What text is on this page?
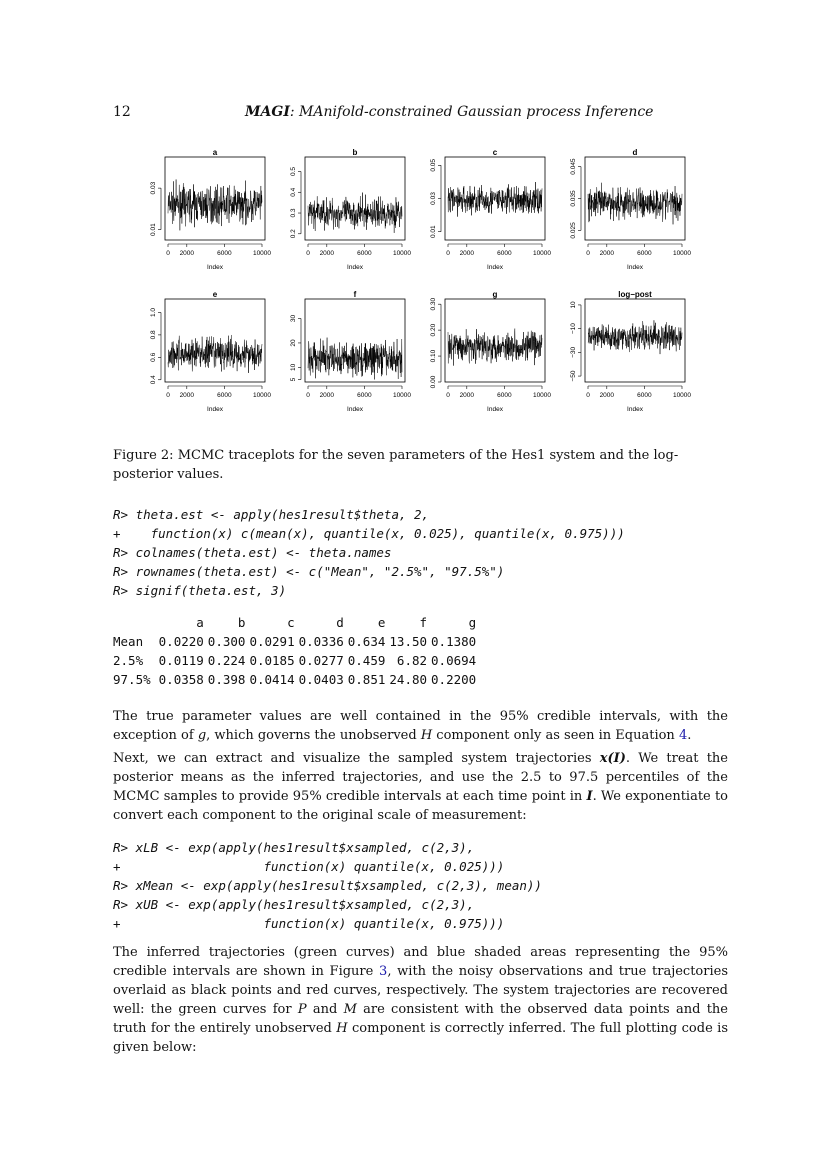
12	MAGI: MAnifold-constrained Gaussian process Inference
a
0 2000	6000	10000
Index
0.01
0.03
b
0 2000	6000	10000
Index
0.2
0.3
0.4
0.5
c
0 2000	6000	10000
Index
0.01
0.03
0.05
d
0 2000	6000	10000
Index
0.025
0.035
0.045
e
0 2000	6000	10000
Index
0.4
0.6
0.8
1.0
f
0 2000	6000	10000
Index
5
10
20
30
g
0 2000	6000	10000
Index
0.00
0.10
0.20
0.30
log−post
0 2000	6000	10000
Index
−50
−30
−10
10
Figure 2: MCMC traceplots for the seven parameters of the Hes1 system and the log-posterior values.
R> theta.est <- apply(hes1result$theta, 2,
+    function(x) c(mean(x), quantile(x, 0.025), quantile(x, 0.975)))
R> colnames(theta.est) <- theta.names
R> rownames(theta.est) <- c("Mean", "2.5%", "97.5%")
R> signif(theta.est, 3)
	a	b	c	d	e	f	g
Mean	0.0220	0.300	0.0291	0.0336	0.634	13.50	0.1380
2.5%	0.0119	0.224	0.0185	0.0277	0.459	6.82	0.0694
97.5%	0.0358	0.398	0.0414	0.0403	0.851	24.80	0.2200
The true parameter values are well contained in the 95% credible intervals, with the exception of g, which governs the unobserved H component only as seen in Equation 4.
Next, we can extract and visualize the sampled system trajectories x(I). We treat the posterior means as the inferred trajectories, and use the 2.5 to 97.5 percentiles of the MCMC samples to provide 95% credible intervals at each time point in I. We exponentiate to convert each component to the original scale of measurement:
R> xLB <- exp(apply(hes1result$xsampled, c(2,3),
+                   function(x) quantile(x, 0.025)))
R> xMean <- exp(apply(hes1result$xsampled, c(2,3), mean))
R> xUB <- exp(apply(hes1result$xsampled, c(2,3),
+                   function(x) quantile(x, 0.975)))
The inferred trajectories (green curves) and blue shaded areas representing the 95% credible intervals are shown in Figure 3, with the noisy observations and true trajectories overlaid as black points and red curves, respectively. The system trajectories are recovered well: the green curves for P and M are consistent with the observed data points and the truth for the entirely unobserved H component is correctly inferred. The full plotting code is given below:
